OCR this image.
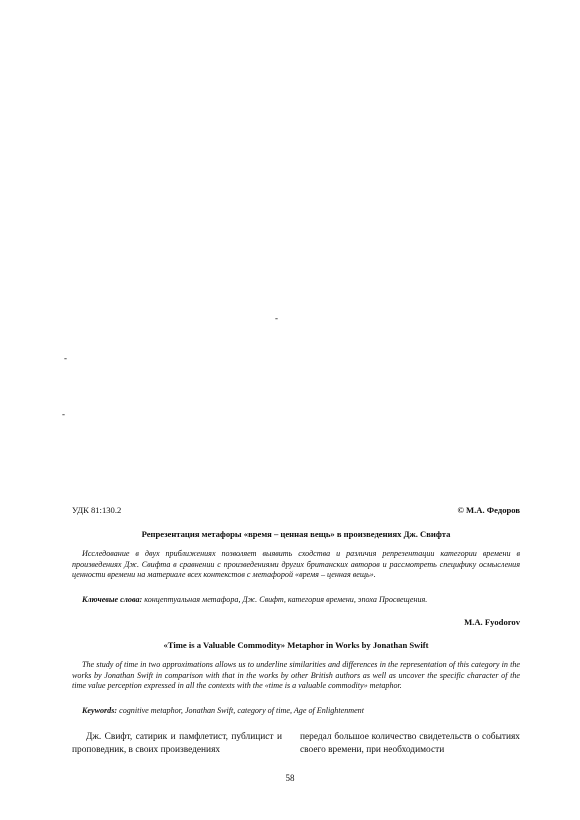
-
-
-
УДК 81:130.2	© М.А. Федоров
Репрезентация метафоры «время – ценная вещь» в произведениях Дж. Свифта

Исследование в двух приближениях позволяет выявить сходства и различия репрезентации категории времени в произведениях Дж. Свифта в сравнении с произведениями других британских авторов и рассмотреть специфику осмысления ценности времени на материале всех контекстов с метафорой «время – ценная вещь».

Ключевые слова: концептуальная метафора, Дж. Свифт, категория времени, эпоха Просвещения.

M.A. Fyodorov
«Time is a Valuable Commodity» Metaphor in Works by Jonathan Swift

The study of time in two approximations allows us to underline similarities and differences in the representation of this category in the works by Jonathan Swift in comparison with that in the works by other British authors as well as uncover the specific character of the time value perception expressed in all the contexts with the «time is a valuable commodity» metaphor.

Keywords: cognitive metaphor, Jonathan Swift, category of time, Age of Enlightenment

Дж. Свифт, сатирик и памфлетист, публицист и проповедник, в своих произведениях

передал большое количество свидетельств о событиях своего времени, при необходимости

58
